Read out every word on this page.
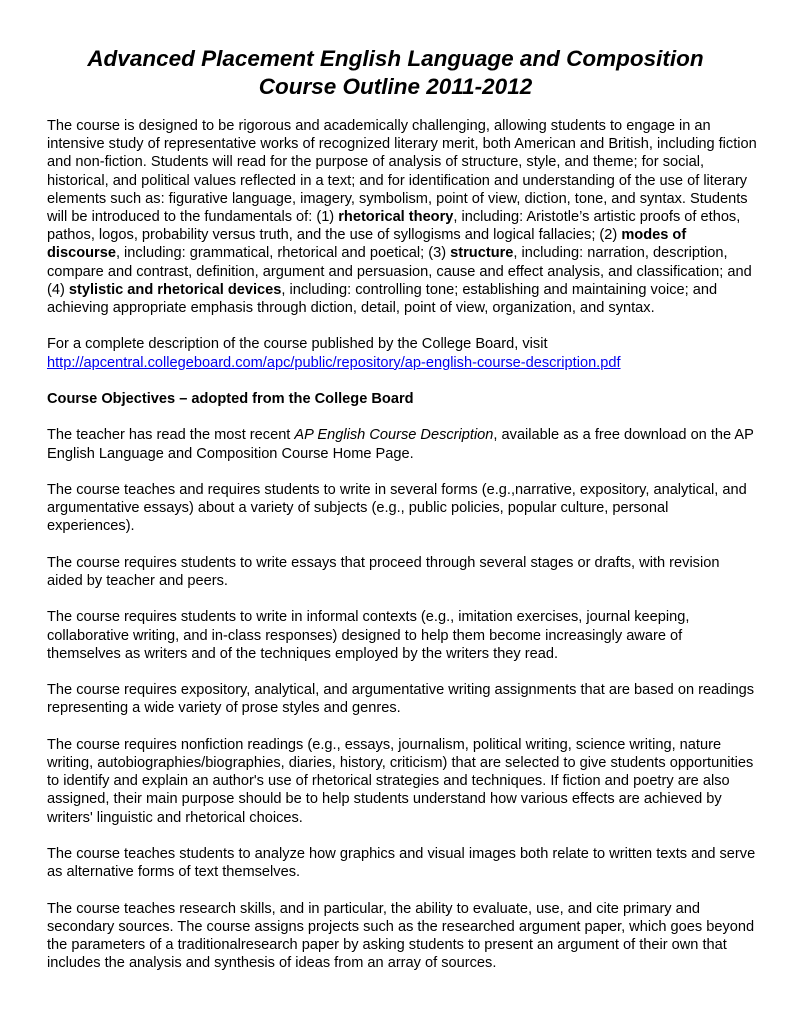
Advanced Placement English Language and Composition
Course Outline 2011-2012

The course is designed to be rigorous and academically challenging, allowing students to engage in an intensive study of representative works of recognized literary merit, both American and British, including fiction and non-fiction. Students will read for the purpose of analysis of structure, style, and theme; for social, historical, and political values reflected in a text; and for identification and understanding of the use of literary elements such as: figurative language, imagery, symbolism, point of view, diction, tone, and syntax. Students will be introduced to the fundamentals of: (1) rhetorical theory, including: Aristotle’s artistic proofs of ethos, pathos, logos, probability versus truth, and the use of syllogisms and logical fallacies; (2) modes of discourse, including: grammatical, rhetorical and poetical; (3) structure, including: narration, description, compare and contrast, definition, argument and persuasion, cause and effect analysis, and classification; and (4) stylistic and rhetorical devices, including: controlling tone; establishing and maintaining voice; and achieving appropriate emphasis through diction, detail, point of view, organization, and syntax.

For a complete description of the course published by the College Board, visit
http://apcentral.collegeboard.com/apc/public/repository/ap-english-course-description.pdf

Course Objectives – adopted from the College Board

The teacher has read the most recent AP English Course Description, available as a free download on the AP English Language and Composition Course Home Page.

The course teaches and requires students to write in several forms (e.g.,narrative, expository, analytical, and argumentative essays) about a variety of subjects (e.g., public policies, popular culture, personal experiences).

The course requires students to write essays that proceed through several stages or drafts, with revision aided by teacher and peers.

The course requires students to write in informal contexts (e.g., imitation exercises, journal keeping, collaborative writing, and in-class responses) designed to help them become increasingly aware of themselves as writers and of the techniques employed by the writers they read.

The course requires expository, analytical, and argumentative writing assignments that are based on readings representing a wide variety of prose styles and genres.

The course requires nonfiction readings (e.g., essays, journalism, political writing, science writing, nature writing, autobiographies/biographies, diaries, history, criticism) that are selected to give students opportunities to identify and explain an author's use of rhetorical strategies and techniques. If fiction and poetry are also assigned, their main purpose should be to help students understand how various effects are achieved by writers' linguistic and rhetorical choices.

The course teaches students to analyze how graphics and visual images both relate to written texts and serve as alternative forms of text themselves.

The course teaches research skills, and in particular, the ability to evaluate, use, and cite primary and secondary sources. The course assigns projects such as the researched argument paper, which goes beyond the parameters of a traditionalresearch paper by asking students to present an argument of their own that includes the analysis and synthesis of ideas from an array of sources.
